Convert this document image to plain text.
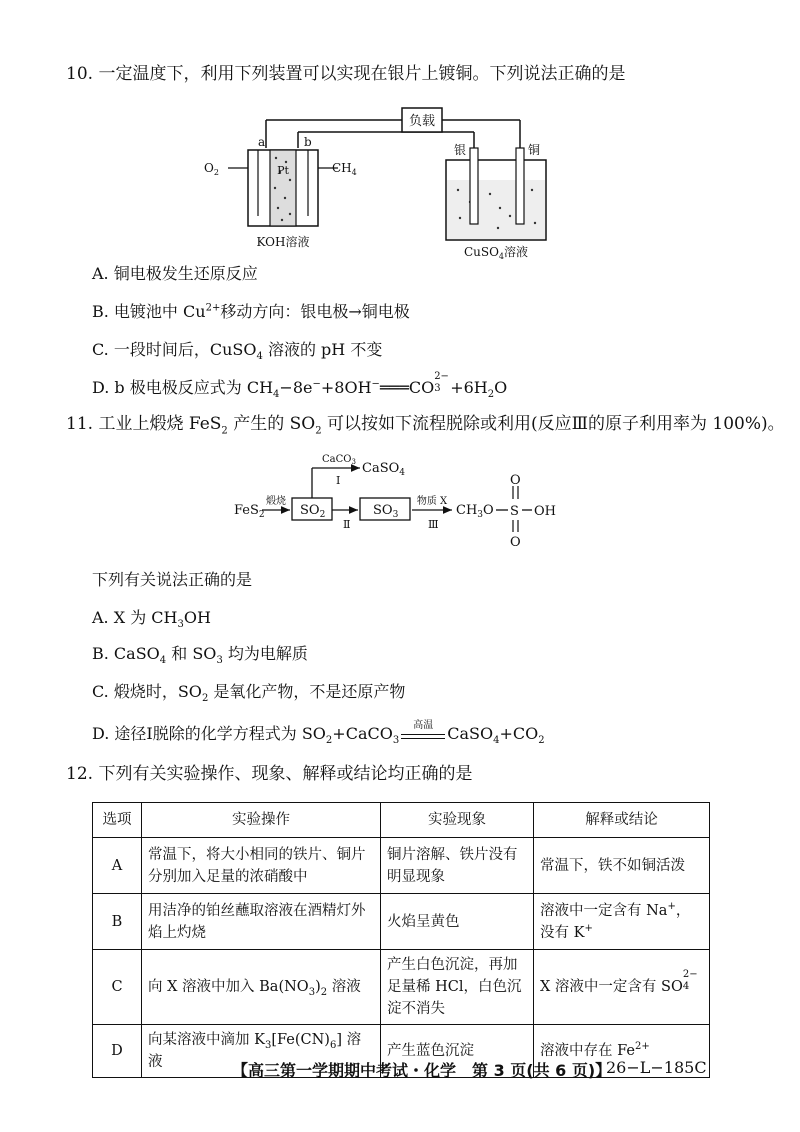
10. 一定温度下，利用下列装置可以实现在银片上镀铜。下列说法正确的是
负载
a	b
Pt
$O_2$	$CH_4$
KOH溶液
银	铜
CuSO$_4$溶液
A. 铜电极发生还原反应
B. 电镀池中 $Cu^{2+}$移动方向：银电极→铜电极
C. 一段时间后，CuSO$_4$ 溶液的 pH 不变
D. b 极电极反应式为 $CH_4-8e^-+8OH^-═══CO$ 3
2−
$+6H_2O$
11. 工业上煅烧 FeS$_2$ 产生的 $SO_2$ 可以按如下流程脱除或利用(反应Ⅲ的原子利用率为 100%)。
FeS$_2$
煅烧
$SO_2$
CaCO$_3$
Ⅰ
CaSO$_4$
Ⅱ
$SO_3$
物质 X
Ⅲ
$CH_3O$ S OH
O
O
下列有关说法正确的是
A. X 为 $CH_3OH$
B. CaSO$_4$ 和 $SO_3$ 均为电解质
C. 煅烧时，$SO_2$ 是氧化产物，不是还原产物
D. 途径Ⅰ脱除的化学方程式为 $SO_2+CaCO_3$
高温 $CaSO_4+CO_2$
12. 下列有关实验操作、现象、解释或结论均正确的是
选项	实验操作	实验现象	解释或结论
A	常温下，将大小相同的铁片、铜片分别加入足量的浓硝酸中	铜片溶解、铁片没有明显现象	常温下，铁不如铜活泼
B	用洁净的铂丝蘸取溶液在酒精灯外焰上灼烧	火焰呈黄色	溶液中一定含有 Na+，没有 K+
C	向 X 溶液中加入 $Ba(NO_3)_2$ 溶液	产生白色沉淀，再加足量稀 HCl，白色沉淀不消失	X 溶液中一定含有 SO 4
2−

D	向某溶液中滴加 $K_3[Fe(CN)_6]$ 溶液	产生蓝色沉淀	溶液中存在 $Fe^{2+}$
【高三第一学期期中考试・化学　第 3 页(共 6 页)】
26−L−185C
